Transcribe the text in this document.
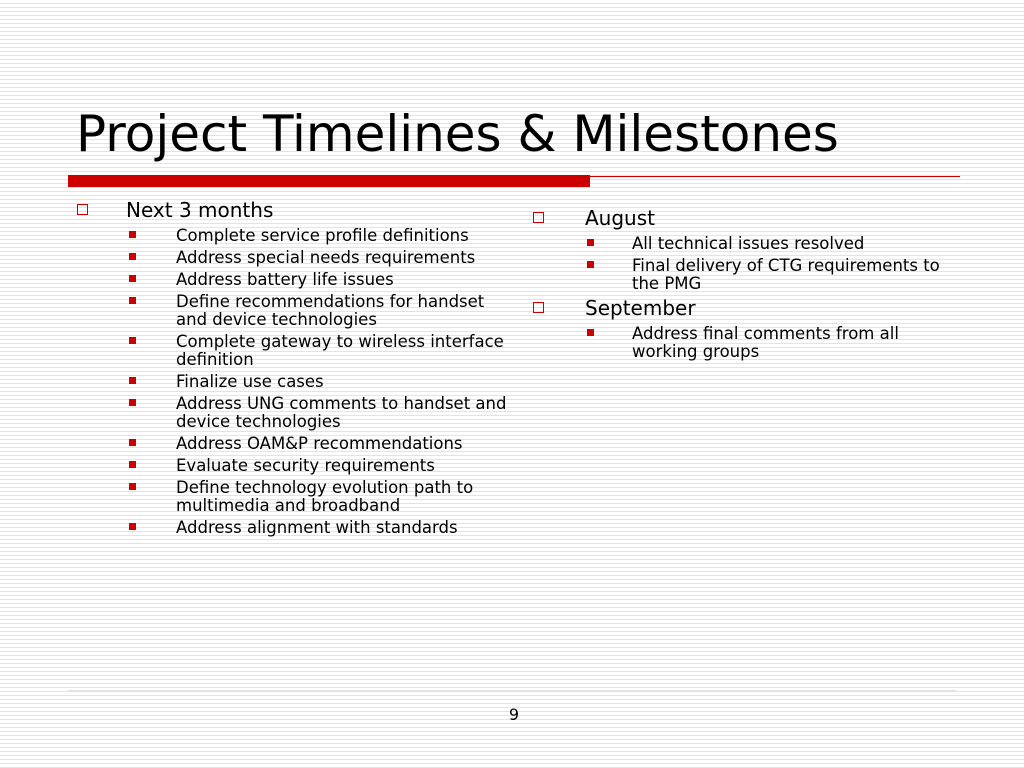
Project Timelines & Milestones
Next 3 months
Complete service profile definitions
Address special needs requirements
Address battery life issues
Define recommendations for handset and device technologies
Complete gateway to wireless interface definition
Finalize use cases
Address UNG comments to handset and device technologies
Address OAM&P recommendations
Evaluate security requirements
Define technology evolution path to multimedia and broadband
Address alignment with standards
August
All technical issues resolved
Final delivery of CTG requirements to the PMG
September
Address final comments from all working groups
9
